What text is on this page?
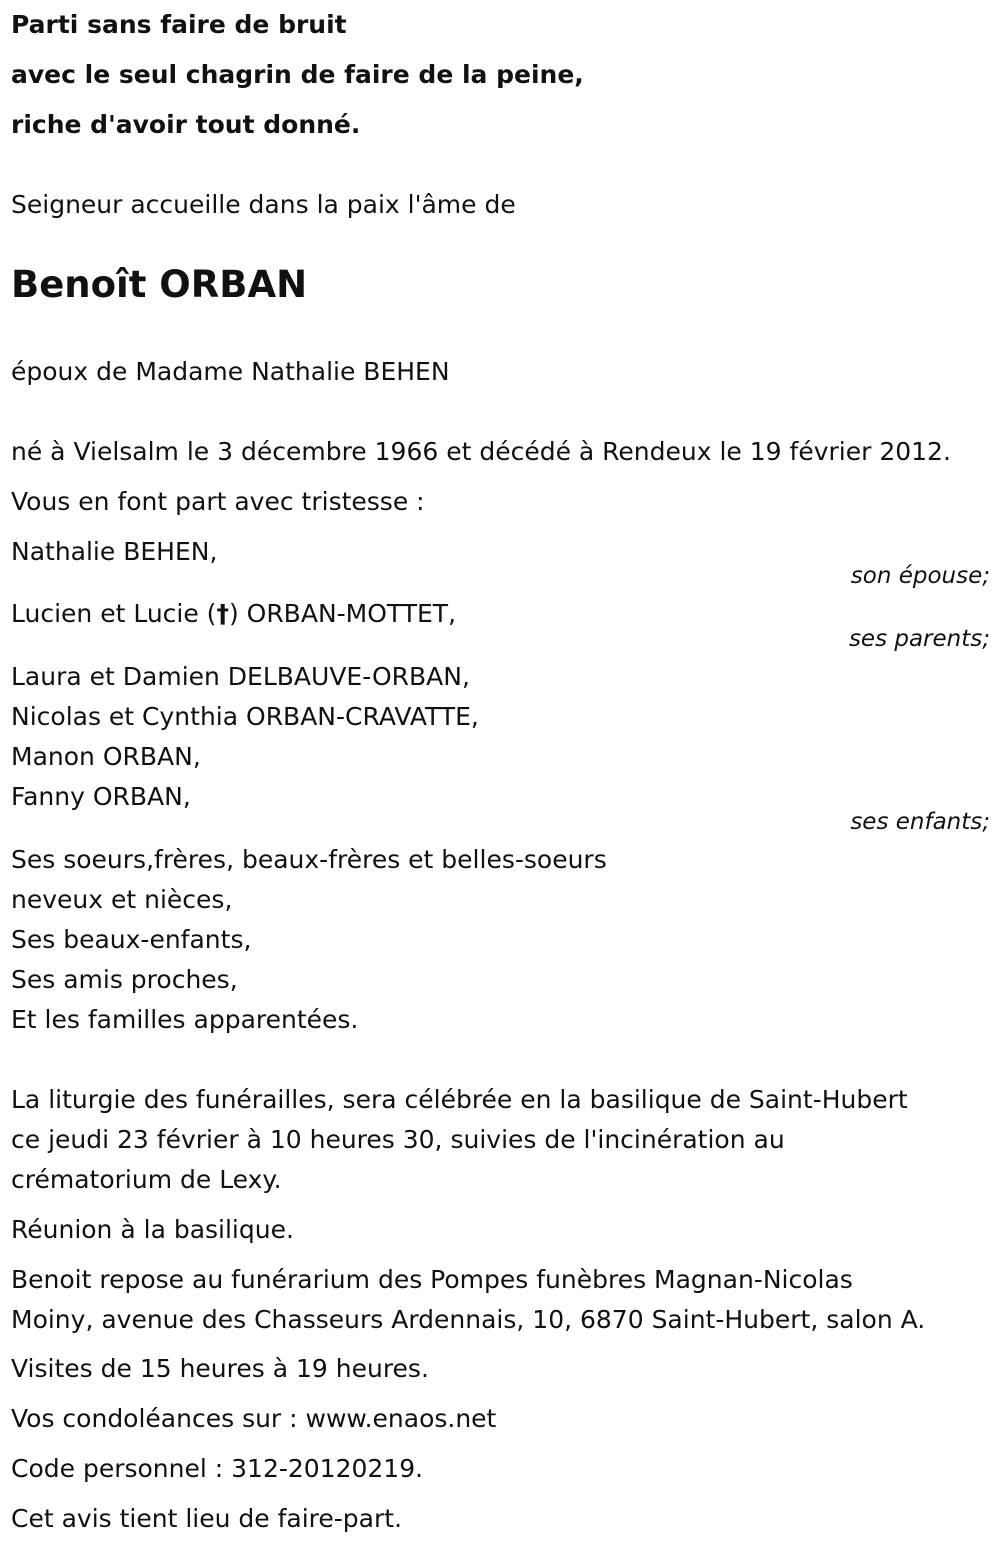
Parti sans faire de bruit
avec le seul chagrin de faire de la peine,
riche d'avoir tout donné.
Seigneur accueille dans la paix l'âme de
Benoît ORBAN
époux de Madame Nathalie BEHEN
né à Vielsalm le 3 décembre 1966 et décédé à Rendeux le 19 février 2012.
Vous en font part avec tristesse :
Nathalie BEHEN,
son épouse;
Lucien et Lucie (†) ORBAN-MOTTET,
ses parents;
Laura et Damien DELBAUVE-ORBAN,
Nicolas et Cynthia ORBAN-CRAVATTE,
Manon ORBAN,
Fanny ORBAN,
ses enfants;
Ses soeurs,frères, beaux-frères et belles-soeurs
neveux et nièces,
Ses beaux-enfants,
Ses amis proches,
Et les familles apparentées.
La liturgie des funérailles, sera célébrée en la basilique de Saint-Hubert
ce jeudi 23 février à 10 heures 30, suivies de l'incinération au
crématorium de Lexy.
Réunion à la basilique.
Benoit repose au funérarium des Pompes funèbres Magnan-Nicolas
Moiny, avenue des Chasseurs Ardennais, 10, 6870 Saint-Hubert, salon A.
Visites de 15 heures à 19 heures.
Vos condoléances sur : www.enaos.net
Code personnel : 312-20120219.
Cet avis tient lieu de faire-part.
